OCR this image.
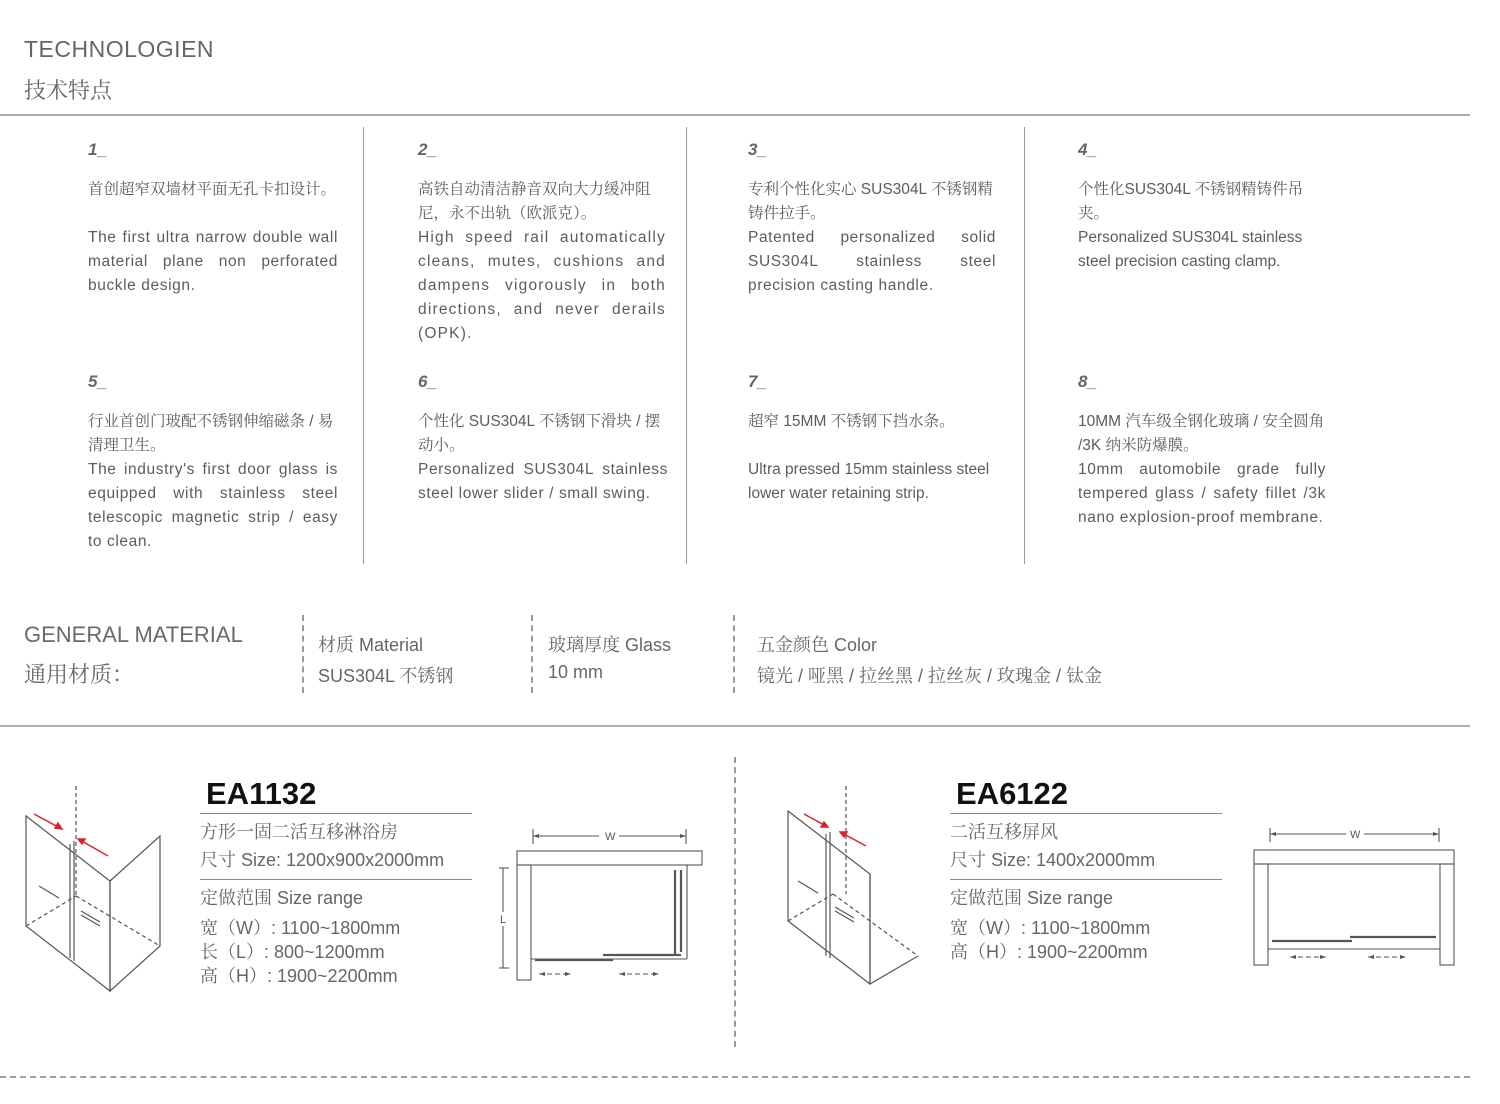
TECHNOLOGIEN
技术特点
1_
首创超窄双墙材平面无孔卡扣设计。
The first ultra narrow double wall material plane non perforated buckle design.
2_
高铁自动清洁静音双向大力缓冲阻尼，永不出轨（欧派克）。
High speed rail automatically cleans, mutes, cushions and dampens vigorously in both directions, and never derails (OPK).
3_
专利个性化实心 SUS304L 不锈钢精铸件拉手。
Patented personalized solid SUS304L stainless steel precision casting handle.
4_
个性化SUS304L 不锈钢精铸件吊夹。
Personalized SUS304L stainless steel precision casting clamp.
5_
行业首创门玻配不锈钢伸缩磁条 / 易清理卫生。
The industry's first door glass is equipped with stainless steel telescopic magnetic strip / easy to clean.
6_
个性化 SUS304L 不锈钢下滑块 / 摆动小。
Personalized SUS304L stainless steel lower slider / small swing.
7_
超窄 15MM 不锈钢下挡水条。
Ultra pressed 15mm stainless steel lower water retaining strip.
8_
10MM 汽车级全钢化玻璃 / 安全圆角 /3K 纳米防爆膜。
10mm automobile grade fully tempered glass / safety fillet /3k nano explosion-proof membrane.
GENERAL MATERIAL
通用材质：
材质 Material
SUS304L 不锈钢
玻璃厚度 Glass
10 mm
五金颜色 Color
镜光 / 哑黑 / 拉丝黑 / 拉丝灰 / 玫瑰金 / 钛金
EA1132
方形一固二活互移淋浴房
尺寸 Size: 1200x900x2000mm
定做范围 Size range
宽（W）: 1100~1800mm
长（L）: 800~1200mm
高（H）: 1900~2200mm
W
L
EA6122
二活互移屏风
尺寸 Size: 1400x2000mm
定做范围 Size range
宽（W）: 1100~1800mm
高（H）: 1900~2200mm
W
